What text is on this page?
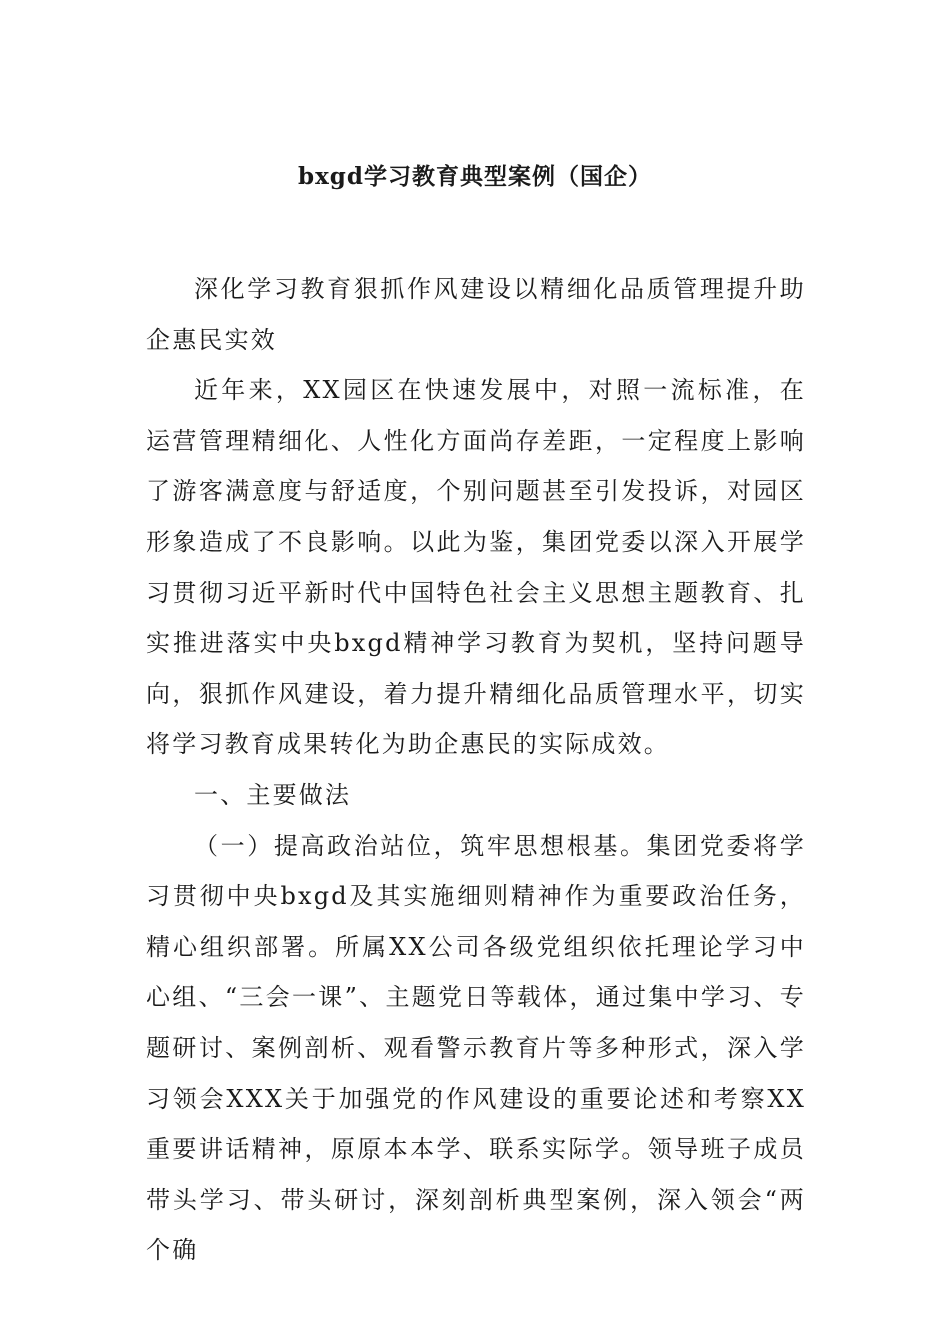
bxgd学习教育典型案例（国企）

深化学习教育狠抓作风建设以精细化品质管理提升助企惠民实效

近年来，XX园区在快速发展中，对照一流标准，在运营管理精细化、人性化方面尚存差距，一定程度上影响了游客满意度与舒适度，个别问题甚至引发投诉，对园区形象造成了不良影响。以此为鉴，集团党委以深入开展学习贯彻习近平新时代中国特色社会主义思想主题教育、扎实推进落实中央bxgd精神学习教育为契机，坚持问题导向，狠抓作风建设，着力提升精细化品质管理水平，切实将学习教育成果转化为助企惠民的实际成效。

一、主要做法

（一）提高政治站位，筑牢思想根基。集团党委将学习贯彻中央bxgd及其实施细则精神作为重要政治任务，精心组织部署。所属XX公司各级党组织依托理论学习中心组、“三会一课”、主题党日等载体，通过集中学习、专题研讨、案例剖析、观看警示教育片等多种形式，深入学习领会XXX关于加强党的作风建设的重要论述和考察XX重要讲话精神，原原本本学、联系实际学。领导班子成员带头学习、带头研讨，深刻剖析典型案例，深入领会“两个确
